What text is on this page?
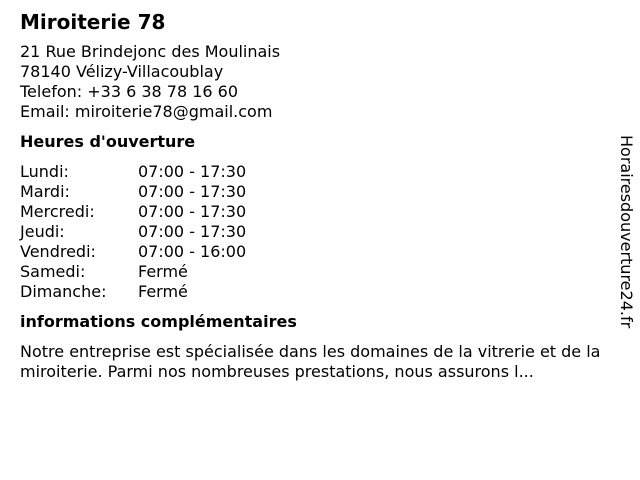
Miroiterie 78
21 Rue Brindejonc des Moulinais
78140 Vélizy-Villacoublay
Telefon: +33 6 38 78 16 60
Email: miroiterie78@gmail.com
Heures d'ouverture
Lundi:	07:00 - 17:30
Mardi:	07:00 - 17:30
Mercredi:	07:00 - 17:30
Jeudi:	07:00 - 17:30
Vendredi:	07:00 - 16:00
Samedi:	Fermé
Dimanche:	Fermé
informations complémentaires
Notre entreprise est spécialisée dans les domaines de la vitrerie et de la miroiterie. Parmi nos nombreuses prestations, nous assurons l...
Horairesdouverture24.fr
